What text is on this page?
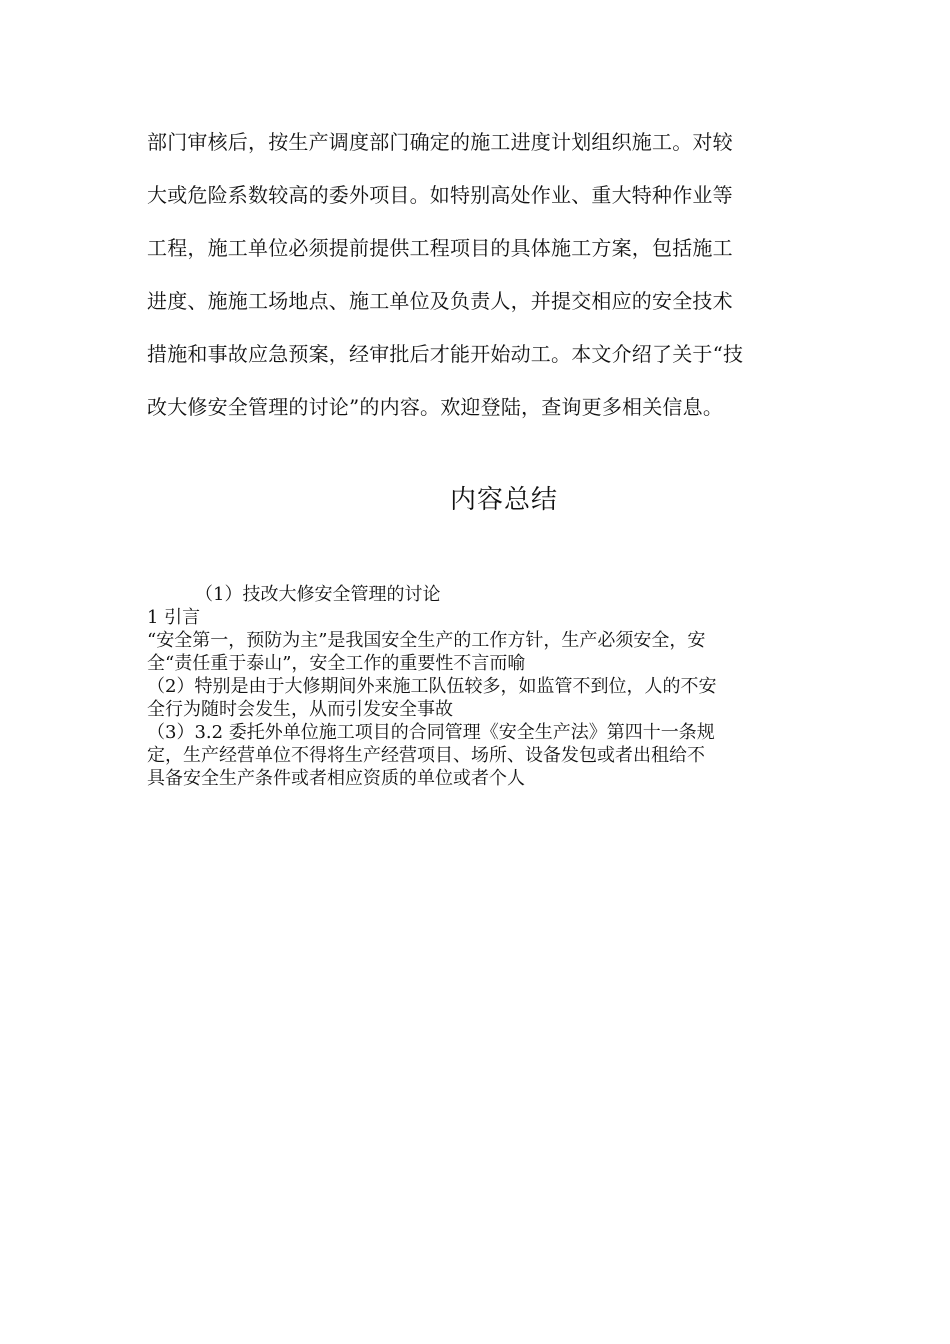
部门审核后，按生产调度部门确定的施工进度计划组织施工。对较
大或危险系数较高的委外项目。如特别高处作业、重大特种作业等
工程，施工单位必须提前提供工程项目的具体施工方案，包括施工
进度、施施工场地点、施工单位及负责人，并提交相应的安全技术
措施和事故应急预案，经审批后才能开始动工。本文介绍了关于“技
改大修安全管理的讨论”的内容。欢迎登陆，查询更多相关信息。
内容总结
（1）技改大修安全管理的讨论
1 引言
“安全第一，预防为主”是我国安全生产的工作方针，生产必须安全，安
全“责任重于泰山”，安全工作的重要性不言而喻
（2）特别是由于大修期间外来施工队伍较多，如监管不到位，人的不安
全行为随时会发生，从而引发安全事故
（3）3.2 委托外单位施工项目的合同管理《安全生产法》第四十一条规
定，生产经营单位不得将生产经营项目、场所、设备发包或者出租给不
具备安全生产条件或者相应资质的单位或者个人
